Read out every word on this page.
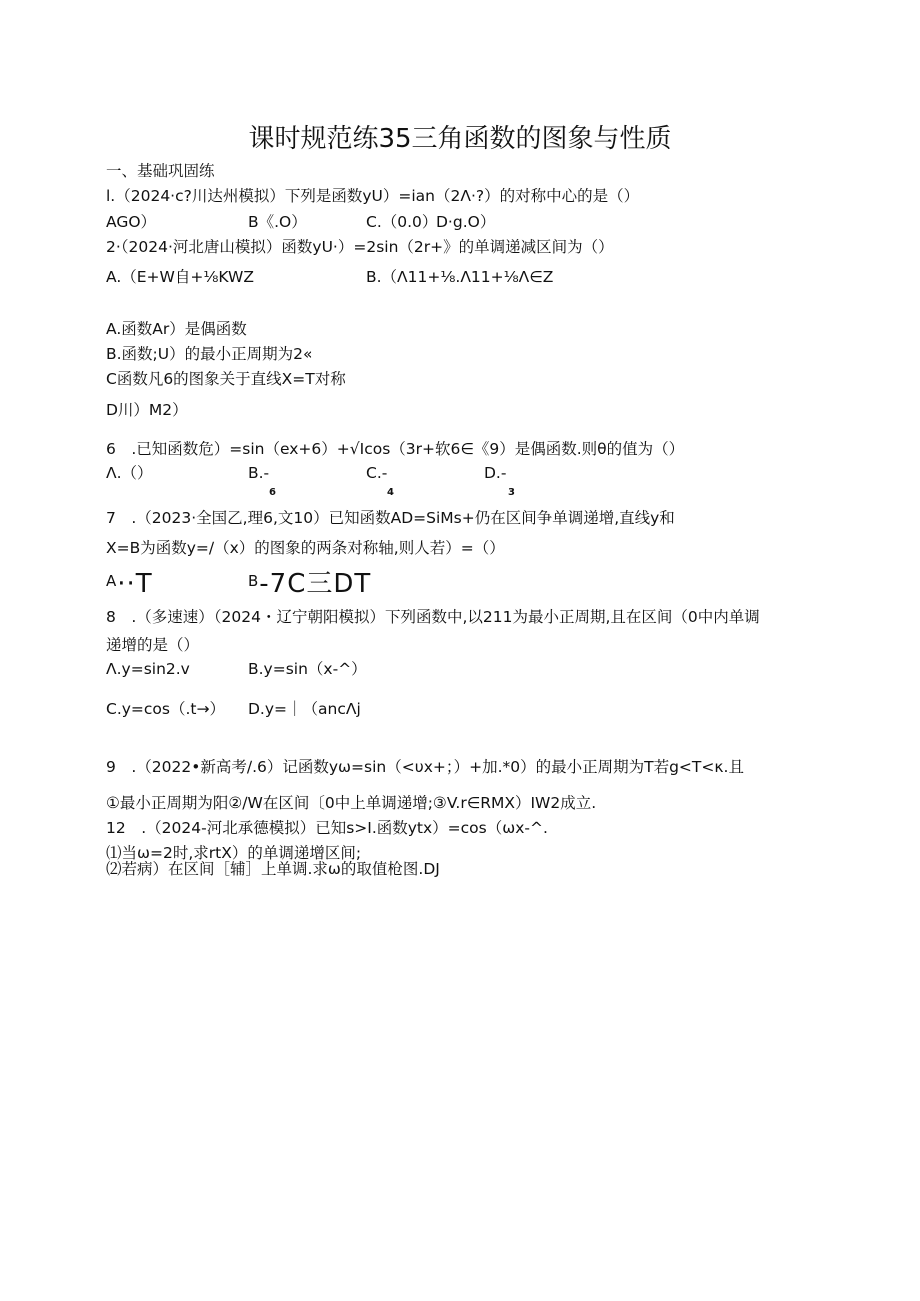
课时规范练35三角函数的图象与性质
一、基础巩固练
l.（2024·c?川达州模拟）下列是函数yU）=ian（2Λ·?）的对称中心的是（）
AGO）	B《.O）	C.（0.0）
D·g.O）
2·（2024·河北唐山模拟）函数yU·）=2sin（2r+》的单调递减区间为（）
A.（E+W自+⅛KWZ	B.（Λ11+⅛.Λ11+⅛Λ∈Z
A.函数Ar）是偶函数
B.函数;U）的最小正周期为2«
C函数凡6的图象关于直线X=T对称
D川）M2）
6　.已知函数危）=sin（ex+6）+√Icos（3r+软6∈《9）是偶函数.则θ的值为（）
Λ.（）	B.-	C.-	D.-
6	4	3
7　.（2023·全国乙,理6,文10）已知函数AD=SiMs+仍在区间争单调递增,直线y和
X=B为函数y=∕（x）的图象的两条对称轴,则人若）=（）
$^A$··T	$^B$-7C三DT
8　.（多速速）（2024・辽宁朝阳模拟）下列函数中,以211为最小正周期,且在区间（0中内单调
递增的是（）
Λ.y=sin2.v	B.y=sin（x-^）
C.y=cos（.t→） D.y=｜（ancΛj
9　.（2022•新高考∕.6）记函数yω=sin（<υx+；）+加.*0）的最小正周期为T若g<T<κ.且
①最小正周期为阳②∕W在区间〔0中上单调递增;③V.r∈RMX）IW2成立.
12　.（2024-河北承德模拟）已知s>I.函数ytx）=cos（ωx-^.
⑴当ω=2时,求rtX）的单调递增区间;
⑵若病）在区间［辅］上单调.求ω的取值枪图.DJ
